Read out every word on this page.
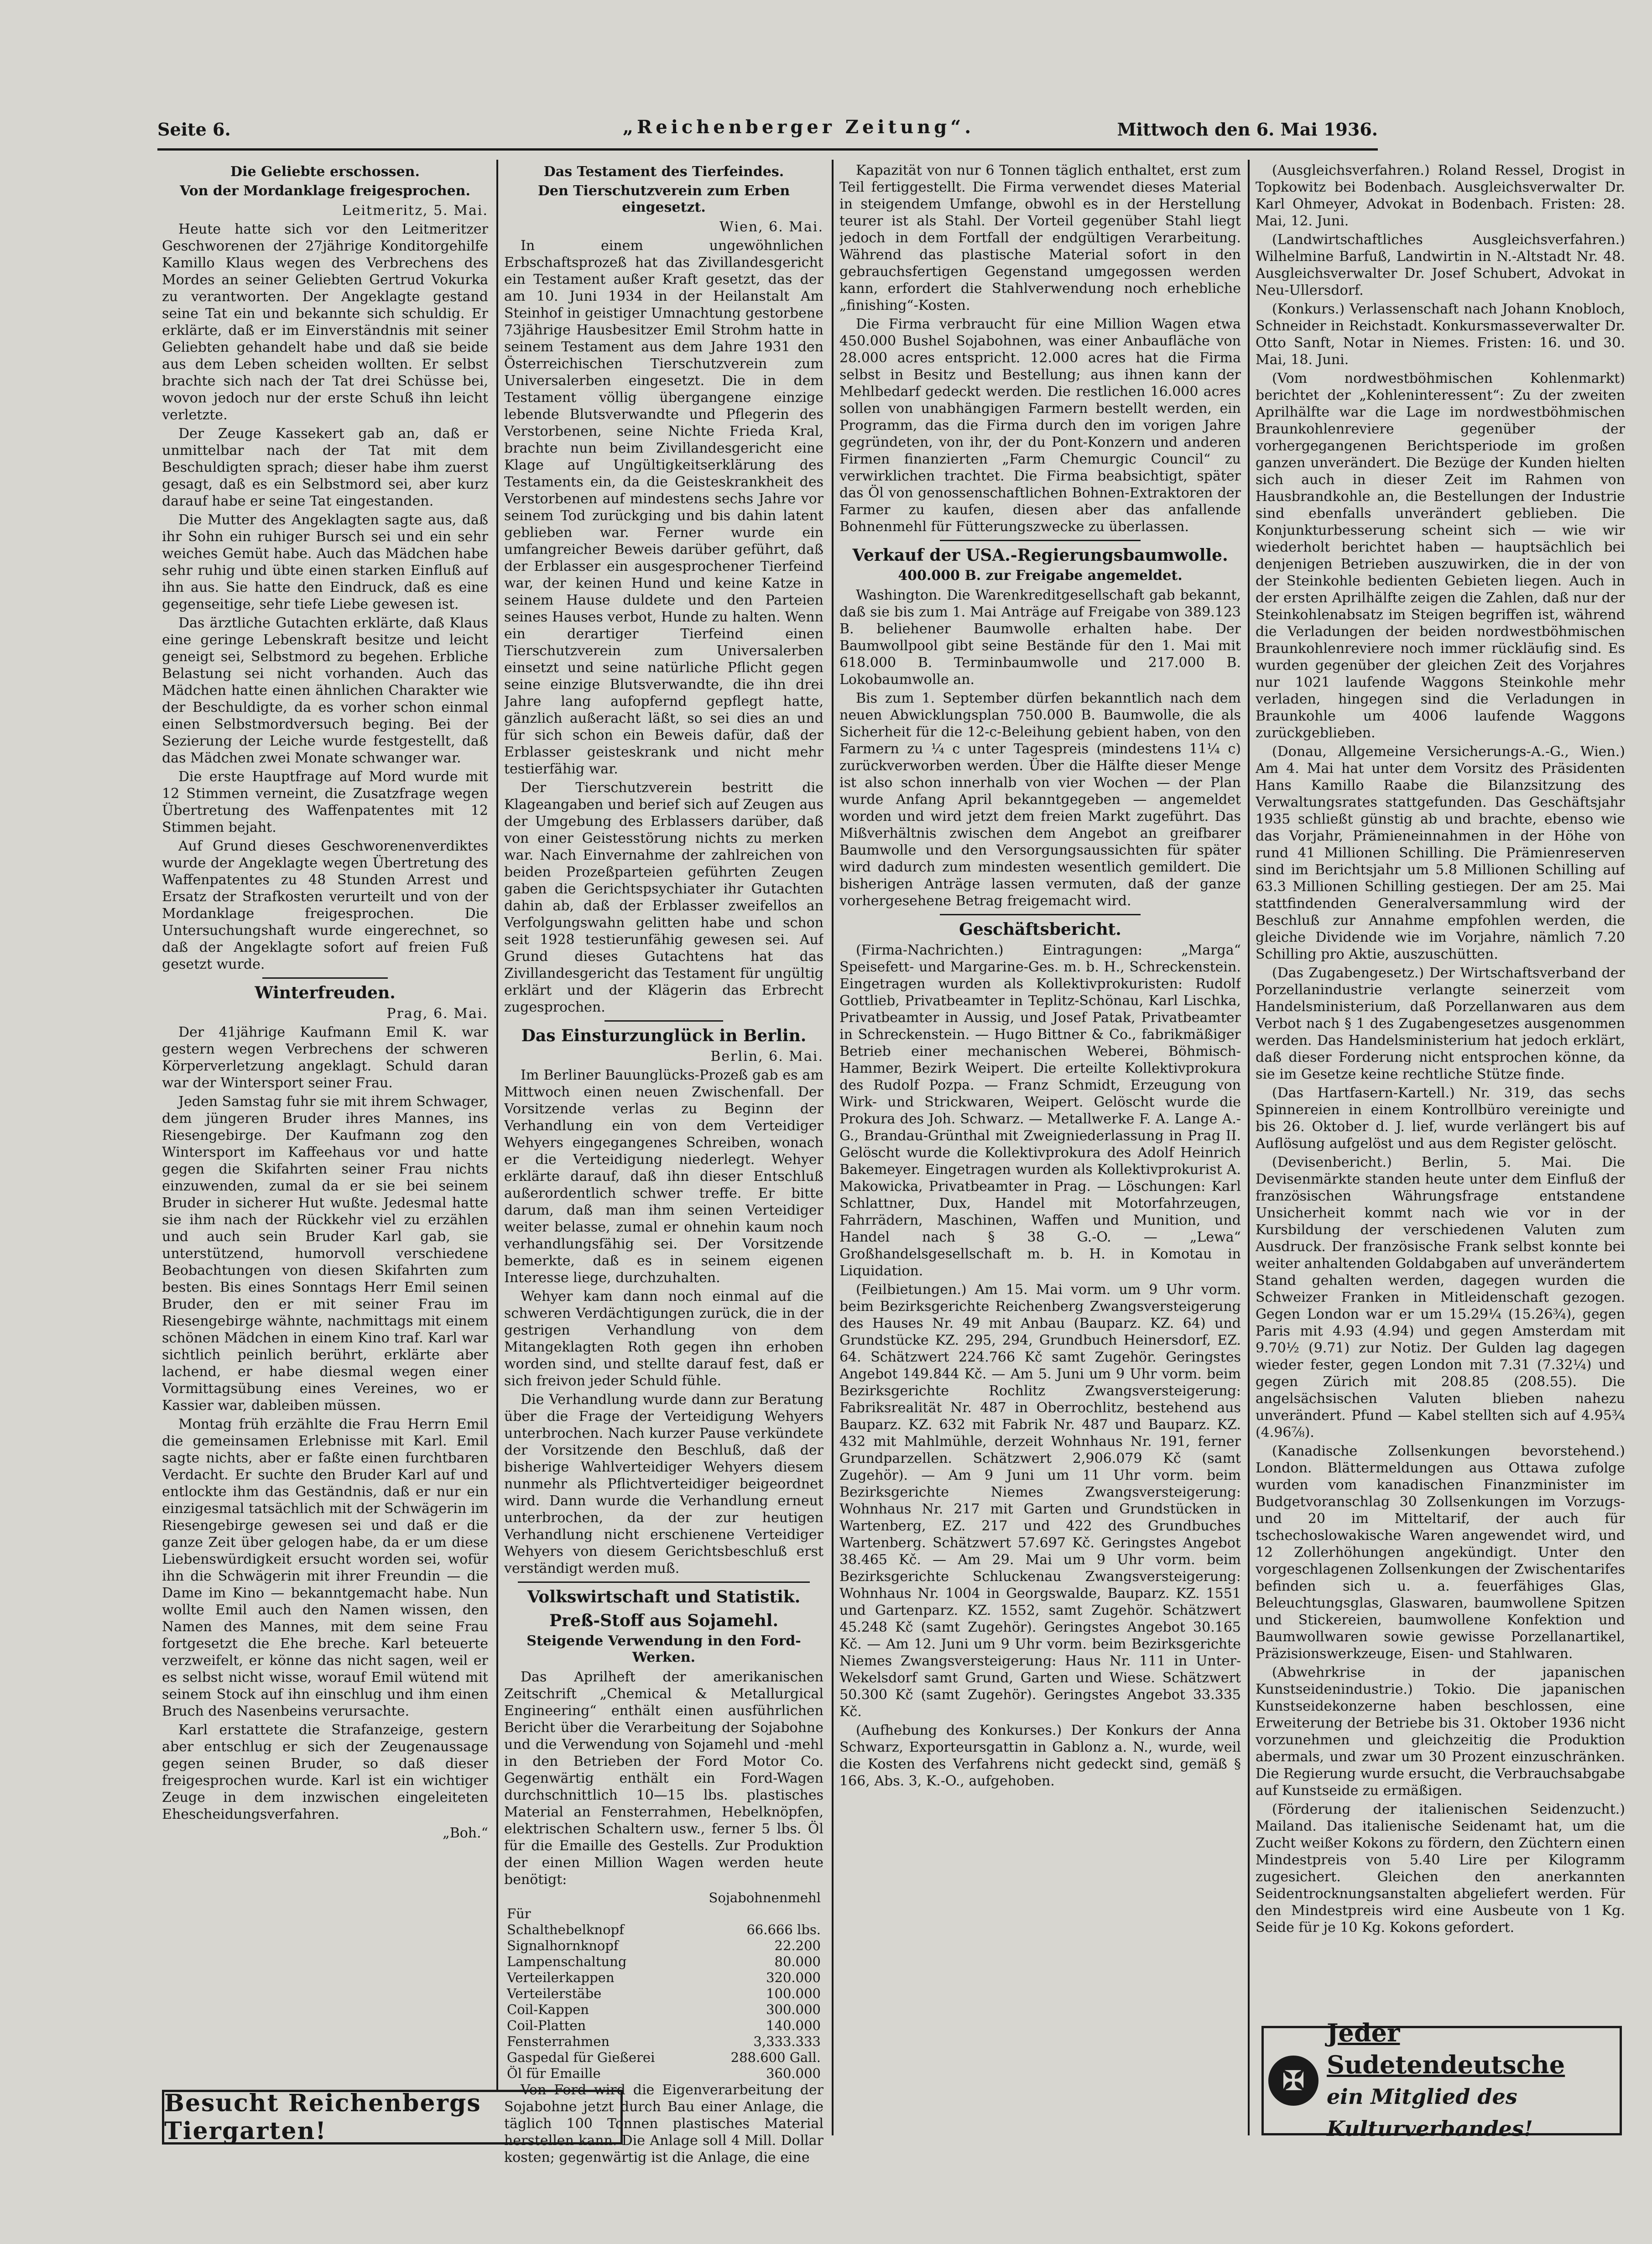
Seite 6.	„Reichenberger Zeitung“.	Mittwoch den 6. Mai 1936.
Die Geliebte erschossen.
Von der Mordanklage freigesprochen.
Leitmeritz, 5. Mai.

Heute hatte sich vor den Leitmeritzer Geschworenen der 27jährige Konditorgehilfe Kamillo Klaus wegen des Verbrechens des Mordes an seiner Geliebten Gertrud Vokurka zu verantworten. Der Angeklagte gestand seine Tat ein und bekannte sich schuldig. Er erklärte, daß er im Einverständnis mit seiner Geliebten gehandelt habe und daß sie beide aus dem Leben scheiden wollten. Er selbst brachte sich nach der Tat drei Schüsse bei, wovon jedoch nur der erste Schuß ihn leicht verletzte.

Der Zeuge Kassekert gab an, daß er unmittelbar nach der Tat mit dem Beschuldigten sprach; dieser habe ihm zuerst gesagt, daß es ein Selbstmord sei, aber kurz darauf habe er seine Tat eingestanden.

Die Mutter des Angeklagten sagte aus, daß ihr Sohn ein ruhiger Bursch sei und ein sehr weiches Gemüt habe. Auch das Mädchen habe sehr ruhig und übte einen starken Einfluß auf ihn aus. Sie hatte den Eindruck, daß es eine gegenseitige, sehr tiefe Liebe gewesen ist.

Das ärztliche Gutachten erklärte, daß Klaus eine geringe Lebenskraft besitze und leicht geneigt sei, Selbstmord zu begehen. Erbliche Belastung sei nicht vorhanden. Auch das Mädchen hatte einen ähnlichen Charakter wie der Beschuldigte, da es vorher schon einmal einen Selbstmordversuch beging. Bei der Sezierung der Leiche wurde festgestellt, daß das Mädchen zwei Monate schwanger war.

Die erste Hauptfrage auf Mord wurde mit 12 Stimmen verneint, die Zusatzfrage wegen Übertretung des Waffenpatentes mit 12 Stimmen bejaht.

Auf Grund dieses Geschworenenverdiktes wurde der Angeklagte wegen Übertretung des Waffenpatentes zu 48 Stunden Arrest und Ersatz der Strafkosten verurteilt und von der Mordanklage freigesprochen. Die Untersuchungshaft wurde eingerechnet, so daß der Angeklagte sofort auf freien Fuß gesetzt wurde.

Winterfreuden.
Prag, 6. Mai.

Der 41jährige Kaufmann Emil K. war gestern wegen Verbrechens der schweren Körperverletzung angeklagt. Schuld daran war der Wintersport seiner Frau.

Jeden Samstag fuhr sie mit ihrem Schwager, dem jüngeren Bruder ihres Mannes, ins Riesengebirge. Der Kaufmann zog den Wintersport im Kaffeehaus vor und hatte gegen die Skifahrten seiner Frau nichts einzuwenden, zumal da er sie bei seinem Bruder in sicherer Hut wußte. Jedesmal hatte sie ihm nach der Rückkehr viel zu erzählen und auch sein Bruder Karl gab, sie unterstützend, humorvoll verschiedene Beobachtungen von diesen Skifahrten zum besten. Bis eines Sonntags Herr Emil seinen Bruder, den er mit seiner Frau im Riesengebirge wähnte, nachmittags mit einem schönen Mädchen in einem Kino traf. Karl war sichtlich peinlich berührt, erklärte aber lachend, er habe diesmal wegen einer Vormittagsübung eines Vereines, wo er Kassier war, dableiben müssen.

Montag früh erzählte die Frau Herrn Emil die gemeinsamen Erlebnisse mit Karl. Emil sagte nichts, aber er faßte einen furchtbaren Verdacht. Er suchte den Bruder Karl auf und entlockte ihm das Geständnis, daß er nur ein einzigesmal tatsächlich mit der Schwägerin im Riesengebirge gewesen sei und daß er die ganze Zeit über gelogen habe, da er um diese Liebenswürdigkeit ersucht worden sei, wofür ihn die Schwägerin mit ihrer Freundin — die Dame im Kino — bekanntgemacht habe. Nun wollte Emil auch den Namen wissen, den Namen des Mannes, mit dem seine Frau fortgesetzt die Ehe breche. Karl beteuerte verzweifelt, er könne das nicht sagen, weil er es selbst nicht wisse, worauf Emil wütend mit seinem Stock auf ihn einschlug und ihm einen Bruch des Nasenbeins verursachte.

Karl erstattete die Strafanzeige, gestern aber entschlug er sich der Zeugenaussage gegen seinen Bruder, so daß dieser freigesprochen wurde. Karl ist ein wichtiger Zeuge in dem inzwischen eingeleiteten Ehescheidungsverfahren.

„Boh.“
Besucht Reichenbergs Tiergarten!
Das Testament des Tierfeindes.
Den Tierschutzverein zum Erben eingesetzt.
Wien, 6. Mai.

In einem ungewöhnlichen Erbschaftsprozeß hat das Zivillandesgericht ein Testament außer Kraft gesetzt, das der am 10. Juni 1934 in der Heilanstalt Am Steinhof in geistiger Umnachtung gestorbene 73jährige Hausbesitzer Emil Strohm hatte in seinem Testament aus dem Jahre 1931 den Österreichischen Tierschutzverein zum Universalerben eingesetzt. Die in dem Testament völlig übergangene einzige lebende Blutsverwandte und Pflegerin des Verstorbenen, seine Nichte Frieda Kral, brachte nun beim Zivillandesgericht eine Klage auf Ungültigkeitserklärung des Testaments ein, da die Geisteskrankheit des Verstorbenen auf mindestens sechs Jahre vor seinem Tod zurückging und bis dahin latent geblieben war. Ferner wurde ein umfangreicher Beweis darüber geführt, daß der Erblasser ein ausgesprochener Tierfeind war, der keinen Hund und keine Katze in seinem Hause duldete und den Parteien seines Hauses verbot, Hunde zu halten. Wenn ein derartiger Tierfeind einen Tierschutzverein zum Universalerben einsetzt und seine natürliche Pflicht gegen seine einzige Blutsverwandte, die ihn drei Jahre lang aufopfernd gepflegt hatte, gänzlich außeracht läßt, so sei dies an und für sich schon ein Beweis dafür, daß der Erblasser geisteskrank und nicht mehr testierfähig war.

Der Tierschutzverein bestritt die Klageangaben und berief sich auf Zeugen aus der Umgebung des Erblassers darüber, daß von einer Geistesstörung nichts zu merken war. Nach Einvernahme der zahlreichen von beiden Prozeßparteien geführten Zeugen gaben die Gerichtspsychiater ihr Gutachten dahin ab, daß der Erblasser zweifellos an Verfolgungswahn gelitten habe und schon seit 1928 testierunfähig gewesen sei. Auf Grund dieses Gutachtens hat das Zivillandesgericht das Testament für ungültig erklärt und der Klägerin das Erbrecht zugesprochen.

Das Einsturzunglück in Berlin.
Berlin, 6. Mai.

Im Berliner Bauunglücks-Prozeß gab es am Mittwoch einen neuen Zwischenfall. Der Vorsitzende verlas zu Beginn der Verhandlung ein von dem Verteidiger Wehyers eingegangenes Schreiben, wonach er die Verteidigung niederlegt. Wehyer erklärte darauf, daß ihn dieser Entschluß außerordentlich schwer treffe. Er bitte darum, daß man ihm seinen Verteidiger weiter belasse, zumal er ohnehin kaum noch verhandlungsfähig sei. Der Vorsitzende bemerkte, daß es in seinem eigenen Interesse liege, durchzuhalten.

Wehyer kam dann noch einmal auf die schweren Verdächtigungen zurück, die in der gestrigen Verhandlung von dem Mitangeklagten Roth gegen ihn erhoben worden sind, und stellte darauf fest, daß er sich freivon jeder Schuld fühle.

Die Verhandlung wurde dann zur Beratung über die Frage der Verteidigung Wehyers unterbrochen. Nach kurzer Pause verkündete der Vorsitzende den Beschluß, daß der bisherige Wahlverteidiger Wehyers diesem nunmehr als Pflichtverteidiger beigeordnet wird. Dann wurde die Verhandlung erneut unterbrochen, da der zur heutigen Verhandlung nicht erschienene Verteidiger Wehyers von diesem Gerichtsbeschluß erst verständigt werden muß.

Volkswirtschaft und Statistik.
Preß-Stoff aus Sojamehl.
Steigende Verwendung in den Ford-Werken.

Das Aprilheft der amerikanischen Zeitschrift „Chemical & Metallurgical Engineering“ enthält einen ausführlichen Bericht über die Verarbeitung der Sojabohne und die Verwendung von Sojamehl und -mehl in den Betrieben der Ford Motor Co. Gegenwärtig enthält ein Ford-Wagen durchschnittlich 10—15 lbs. plastisches Material an Fensterrahmen, Hebelknöpfen, elektrischen Schaltern usw., ferner 5 lbs. Öl für die Emaille des Gestells. Zur Produktion der einen Million Wagen werden heute benötigt:

Sojabohnenmehl	
Für	
Schalthebelknopf	66.666 lbs.
Signalhornknopf	22.200
Lampenschaltung	80.000
Verteilerkappen	320.000
Verteilerstäbe	100.000
Coil-Kappen	300.000
Coil-Platten	140.000
Fensterrahmen	3,333.333
Gaspedal für Gießerei	288.600 Gall.
Öl für Emaille	360.000

Von Ford wird die Eigenverarbeitung der Sojabohne jetzt durch Bau einer Anlage, die täglich 100 Tonnen plastisches Material herstellen kann. Die Anlage soll 4 Mill. Dollar kosten; gegenwärtig ist die Anlage, die eine

Kapazität von nur 6 Tonnen täglich enthaltet, erst zum Teil fertiggestellt. Die Firma verwendet dieses Material in steigendem Umfange, obwohl es in der Herstellung teurer ist als Stahl. Der Vorteil gegenüber Stahl liegt jedoch in dem Fortfall der endgültigen Verarbeitung. Während das plastische Material sofort in den gebrauchsfertigen Gegenstand umgegossen werden kann, erfordert die Stahlverwendung noch erhebliche „finishing“-Kosten.

Die Firma verbraucht für eine Million Wagen etwa 450.000 Bushel Sojabohnen, was einer Anbaufläche von 28.000 acres entspricht. 12.000 acres hat die Firma selbst in Besitz und Bestellung; aus ihnen kann der Mehlbedarf gedeckt werden. Die restlichen 16.000 acres sollen von unabhängigen Farmern bestellt werden, ein Programm, das die Firma durch den im vorigen Jahre gegründeten, von ihr, der du Pont-Konzern und anderen Firmen finanzierten „Farm Chemurgic Council“ zu verwirklichen trachtet. Die Firma beabsichtigt, später das Öl von genossenschaftlichen Bohnen-Extraktoren der Farmer zu kaufen, diesen aber das anfallende Bohnenmehl für Fütterungszwecke zu überlassen.

Verkauf der USA.-Regierungsbaumwolle.
400.000 B. zur Freigabe angemeldet.

Washington. Die Warenkreditgesellschaft gab bekannt, daß sie bis zum 1. Mai Anträge auf Freigabe von 389.123 B. beliehener Baumwolle erhalten habe. Der Baumwollpool gibt seine Bestände für den 1. Mai mit 618.000 B. Terminbaumwolle und 217.000 B. Lokobaumwolle an.

Bis zum 1. September dürfen bekanntlich nach dem neuen Abwicklungsplan 750.000 B. Baumwolle, die als Sicherheit für die 12-c-Beleihung gebient haben, von den Farmern zu ¼ c unter Tagespreis (mindestens 11¼ c) zurückverworben werden. Über die Hälfte dieser Menge ist also schon innerhalb von vier Wochen — der Plan wurde Anfang April bekanntgegeben — angemeldet worden und wird jetzt dem freien Markt zugeführt. Das Mißverhältnis zwischen dem Angebot an greifbarer Baumwolle und den Versorgungsaussichten für später wird dadurch zum mindesten wesentlich gemildert. Die bisherigen Anträge lassen vermuten, daß der ganze vorhergesehene Betrag freigemacht wird.

Geschäftsbericht.

(Firma-Nachrichten.) Eintragungen: „Marga“ Speisefett- und Margarine-Ges. m. b. H., Schreckenstein. Eingetragen wurden als Kollektivprokuristen: Rudolf Gottlieb, Privatbeamter in Teplitz-Schönau, Karl Lischka, Privatbeamter in Aussig, und Josef Patak, Privatbeamter in Schreckenstein. — Hugo Bittner & Co., fabrikmäßiger Betrieb einer mechanischen Weberei, Böhmisch-Hammer, Bezirk Weipert. Die erteilte Kollektivprokura des Rudolf Pozpa. — Franz Schmidt, Erzeugung von Wirk- und Strickwaren, Weipert. Gelöscht wurde die Prokura des Joh. Schwarz. — Metallwerke F. A. Lange A.-G., Brandau-Grünthal mit Zweigniederlassung in Prag II. Gelöscht wurde die Kollektivprokura des Adolf Heinrich Bakemeyer. Eingetragen wurden als Kollektivprokurist A. Makowicka, Privatbeamter in Prag. — Löschungen: Karl Schlattner, Dux, Handel mit Motorfahrzeugen, Fahrrädern, Maschinen, Waffen und Munition, und Handel nach § 38 G.-O. — „Lewa“ Großhandelsgesellschaft m. b. H. in Komotau in Liquidation.

(Feilbietungen.) Am 15. Mai vorm. um 9 Uhr vorm. beim Bezirksgerichte Reichenberg Zwangsversteigerung des Hauses Nr. 49 mit Anbau (Bauparz. KZ. 64) und Grundstücke KZ. 295, 294, Grundbuch Heinersdorf, EZ. 64. Schätzwert 224.766 Kč samt Zugehör. Geringstes Angebot 149.844 Kč. — Am 5. Juni um 9 Uhr vorm. beim Bezirksgerichte Rochlitz Zwangsversteigerung: Fabriksrealität Nr. 487 in Oberrochlitz, bestehend aus Bauparz. KZ. 632 mit Fabrik Nr. 487 und Bauparz. KZ. 432 mit Mahlmühle, derzeit Wohnhaus Nr. 191, ferner Grundparzellen. Schätzwert 2,906.079 Kč (samt Zugehör). — Am 9 Juni um 11 Uhr vorm. beim Bezirksgerichte Niemes Zwangsversteigerung: Wohnhaus Nr. 217 mit Garten und Grundstücken in Wartenberg, EZ. 217 und 422 des Grundbuches Wartenberg. Schätzwert 57.697 Kč. Geringstes Angebot 38.465 Kč. — Am 29. Mai um 9 Uhr vorm. beim Bezirksgerichte Schluckenau Zwangsversteigerung: Wohnhaus Nr. 1004 in Georgswalde, Bauparz. KZ. 1551 und Gartenparz. KZ. 1552, samt Zugehör. Schätzwert 45.248 Kč (samt Zugehör). Geringstes Angebot 30.165 Kč. — Am 12. Juni um 9 Uhr vorm. beim Bezirksgerichte Niemes Zwangsversteigerung: Haus Nr. 111 in Unter-Wekelsdorf samt Grund, Garten und Wiese. Schätzwert 50.300 Kč (samt Zugehör). Geringstes Angebot 33.335 Kč.

(Aufhebung des Konkurses.) Der Konkurs der Anna Schwarz, Exporteursgattin in Gablonz a. N., wurde, weil die Kosten des Verfahrens nicht gedeckt sind, gemäß § 166, Abs. 3, K.-O., aufgehoben.

(Ausgleichsverfahren.) Roland Ressel, Drogist in Topkowitz bei Bodenbach. Ausgleichsverwalter Dr. Karl Ohmeyer, Advokat in Bodenbach. Fristen: 28. Mai, 12. Juni.

(Landwirtschaftliches Ausgleichsverfahren.) Wilhelmine Barfuß, Landwirtin in N.-Altstadt Nr. 48. Ausgleichsverwalter Dr. Josef Schubert, Advokat in Neu-Ullersdorf.

(Konkurs.) Verlassenschaft nach Johann Knobloch, Schneider in Reichstadt. Konkursmasseverwalter Dr. Otto Sanft, Notar in Niemes. Fristen: 16. und 30. Mai, 18. Juni.

(Vom nordwestböhmischen Kohlenmarkt) berichtet der „Kohleninteressent“: Zu der zweiten Aprilhälfte war die Lage im nordwestböhmischen Braunkohlenreviere gegenüber der vorhergegangenen Berichtsperiode im großen ganzen unverändert. Die Bezüge der Kunden hielten sich auch in dieser Zeit im Rahmen von Hausbrandkohle an, die Bestellungen der Industrie sind ebenfalls unverändert geblieben. Die Konjunkturbesserung scheint sich — wie wir wiederholt berichtet haben — hauptsächlich bei denjenigen Betrieben auszuwirken, die in der von der Steinkohle bedienten Gebieten liegen. Auch in der ersten Aprilhälfte zeigen die Zahlen, daß nur der Steinkohlenabsatz im Steigen begriffen ist, während die Verladungen der beiden nordwestböhmischen Braunkohlenreviere noch immer rückläufig sind. Es wurden gegenüber der gleichen Zeit des Vorjahres nur 1021 laufende Waggons Steinkohle mehr verladen, hingegen sind die Verladungen in Braunkohle um 4006 laufende Waggons zurückgeblieben.

(Donau, Allgemeine Versicherungs-A.-G., Wien.) Am 4. Mai hat unter dem Vorsitz des Präsidenten Hans Kamillo Raabe die Bilanzsitzung des Verwaltungsrates stattgefunden. Das Geschäftsjahr 1935 schließt günstig ab und brachte, ebenso wie das Vorjahr, Prämieneinnahmen in der Höhe von rund 41 Millionen Schilling. Die Prämienreserven sind im Berichtsjahr um 5.8 Millionen Schilling auf 63.3 Millionen Schilling gestiegen. Der am 25. Mai stattfindenden Generalversammlung wird der Beschluß zur Annahme empfohlen werden, die gleiche Dividende wie im Vorjahre, nämlich 7.20 Schilling pro Aktie, auszuschütten.

(Das Zugabengesetz.) Der Wirtschaftsverband der Porzellanindustrie verlangte seinerzeit vom Handelsministerium, daß Porzellanwaren aus dem Verbot nach § 1 des Zugabengesetzes ausgenommen werden. Das Handelsministerium hat jedoch erklärt, daß dieser Forderung nicht entsprochen könne, da sie im Gesetze keine rechtliche Stütze finde.

(Das Hartfasern-Kartell.) Nr. 319, das sechs Spinnereien in einem Kontrollbüro vereinigte und bis 26. Oktober d. J. lief, wurde verlängert bis auf Auflösung aufgelöst und aus dem Register gelöscht.

(Devisenbericht.) Berlin, 5. Mai. Die Devisenmärkte standen heute unter dem Einfluß der französischen Währungsfrage entstandene Unsicherheit kommt nach wie vor in der Kursbildung der verschiedenen Valuten zum Ausdruck. Der französische Frank selbst konnte bei weiter anhaltenden Goldabgaben auf unverändertem Stand gehalten werden, dagegen wurden die Schweizer Franken in Mitleidenschaft gezogen. Gegen London war er um 15.29¼ (15.26¾), gegen Paris mit 4.93 (4.94) und gegen Amsterdam mit 9.70½ (9.71) zur Notiz. Der Gulden lag dagegen wieder fester, gegen London mit 7.31 (7.32¼) und gegen Zürich mit 208.85 (208.55). Die angelsächsischen Valuten blieben nahezu unverändert. Pfund — Kabel stellten sich auf 4.95¾ (4.96⅞).

(Kanadische Zollsenkungen bevorstehend.) London. Blättermeldungen aus Ottawa zufolge wurden vom kanadischen Finanzminister im Budgetvoranschlag 30 Zollsenkungen im Vorzugs- und 20 im Mitteltarif, der auch für tschechoslowakische Waren angewendet wird, und 12 Zollerhöhungen angekündigt. Unter den vorgeschlagenen Zollsenkungen der Zwischentarifes befinden sich u. a. feuerfähiges Glas, Beleuchtungsglas, Glaswaren, baumwollene Spitzen und Stickereien, baumwollene Konfektion und Baumwollwaren sowie gewisse Porzellanartikel, Präzisionswerkzeuge, Eisen- und Stahlwaren.

(Abwehrkrise in der japanischen Kunstseidenindustrie.) Tokio. Die japanischen Kunstseidekonzerne haben beschlossen, eine Erweiterung der Betriebe bis 31. Oktober 1936 nicht vorzunehmen und gleichzeitig die Produktion abermals, und zwar um 30 Prozent einzuschränken. Die Regierung wurde ersucht, die Verbrauchsabgabe auf Kunstseide zu ermäßigen.

(Förderung der italienischen Seidenzucht.) Mailand. Das italienische Seidenamt hat, um die Zucht weißer Kokons zu fördern, den Züchtern einen Mindestpreis von 5.40 Lire per Kilogramm zugesichert. Gleichen den anerkannten Seidentrocknungsanstalten abgeliefert werden. Für den Mindestpreis wird eine Ausbeute von 1 Kg. Seide für je 10 Kg. Kokons gefordert.

✠
Jeder Sudetendeutsche
ein Mitglied des Kulturverbandes!
